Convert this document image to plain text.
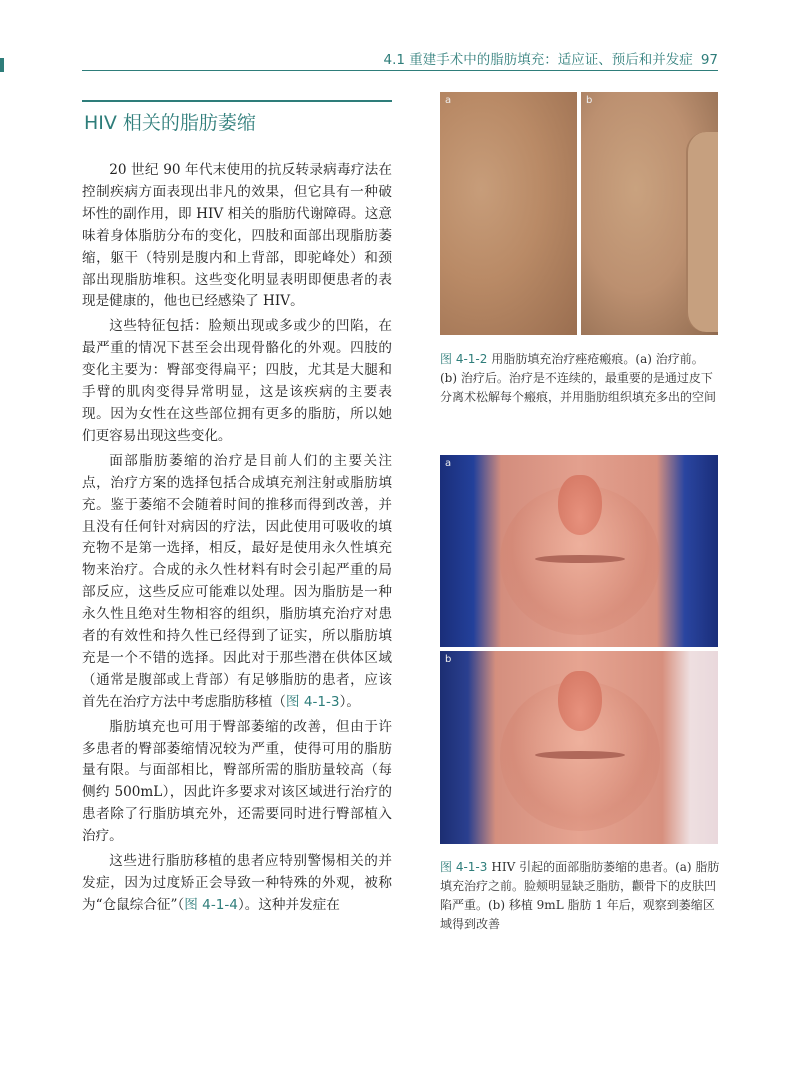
4.1 重建手术中的脂肪填充：适应证、预后和并发症 97
HIV 相关的脂肪萎缩

20 世纪 90 年代末使用的抗反转录病毒疗法在控制疾病方面表现出非凡的效果，但它具有一种破坏性的副作用，即 HIV 相关的脂肪代谢障碍。这意味着身体脂肪分布的变化，四肢和面部出现脂肪萎缩，躯干（特别是腹内和上背部，即驼峰处）和颈部出现脂肪堆积。这些变化明显表明即便患者的表现是健康的，他也已经感染了 HIV。

这些特征包括：脸颊出现或多或少的凹陷，在最严重的情况下甚至会出现骨骼化的外观。四肢的变化主要为：臀部变得扁平；四肢，尤其是大腿和手臂的肌肉变得异常明显，这是该疾病的主要表现。因为女性在这些部位拥有更多的脂肪，所以她们更容易出现这些变化。

面部脂肪萎缩的治疗是目前人们的主要关注点，治疗方案的选择包括合成填充剂注射或脂肪填充。鉴于萎缩不会随着时间的推移而得到改善，并且没有任何针对病因的疗法，因此使用可吸收的填充物不是第一选择，相反，最好是使用永久性填充物来治疗。合成的永久性材料有时会引起严重的局部反应，这些反应可能难以处理。因为脂肪是一种永久性且绝对生物相容的组织，脂肪填充治疗对患者的有效性和持久性已经得到了证实，所以脂肪填充是一个不错的选择。因此对于那些潜在供体区域（通常是腹部或上背部）有足够脂肪的患者，应该首先在治疗方法中考虑脂肪移植（图 4-1-3）。

脂肪填充也可用于臀部萎缩的改善，但由于许多患者的臀部萎缩情况较为严重，使得可用的脂肪量有限。与面部相比，臀部所需的脂肪量较高（每侧约 500mL），因此许多要求对该区域进行治疗的患者除了行脂肪填充外，还需要同时进行臀部植入治疗。

这些进行脂肪移植的患者应特别警惕相关的并发症，因为过度矫正会导致一种特殊的外观，被称为“仓鼠综合征”（图 4-1-4）。这种并发症在

a	b
图 4-1-2 用脂肪填充治疗痤疮瘢痕。(a) 治疗前。(b) 治疗后。治疗是不连续的，最重要的是通过皮下分离术松解每个瘢痕，并用脂肪组织填充多出的空间
a
b
图 4-1-3 HIV 引起的面部脂肪萎缩的患者。(a) 脂肪填充治疗之前。脸颊明显缺乏脂肪，颧骨下的皮肤凹陷严重。(b) 移植 9mL 脂肪 1 年后，观察到萎缩区域得到改善
